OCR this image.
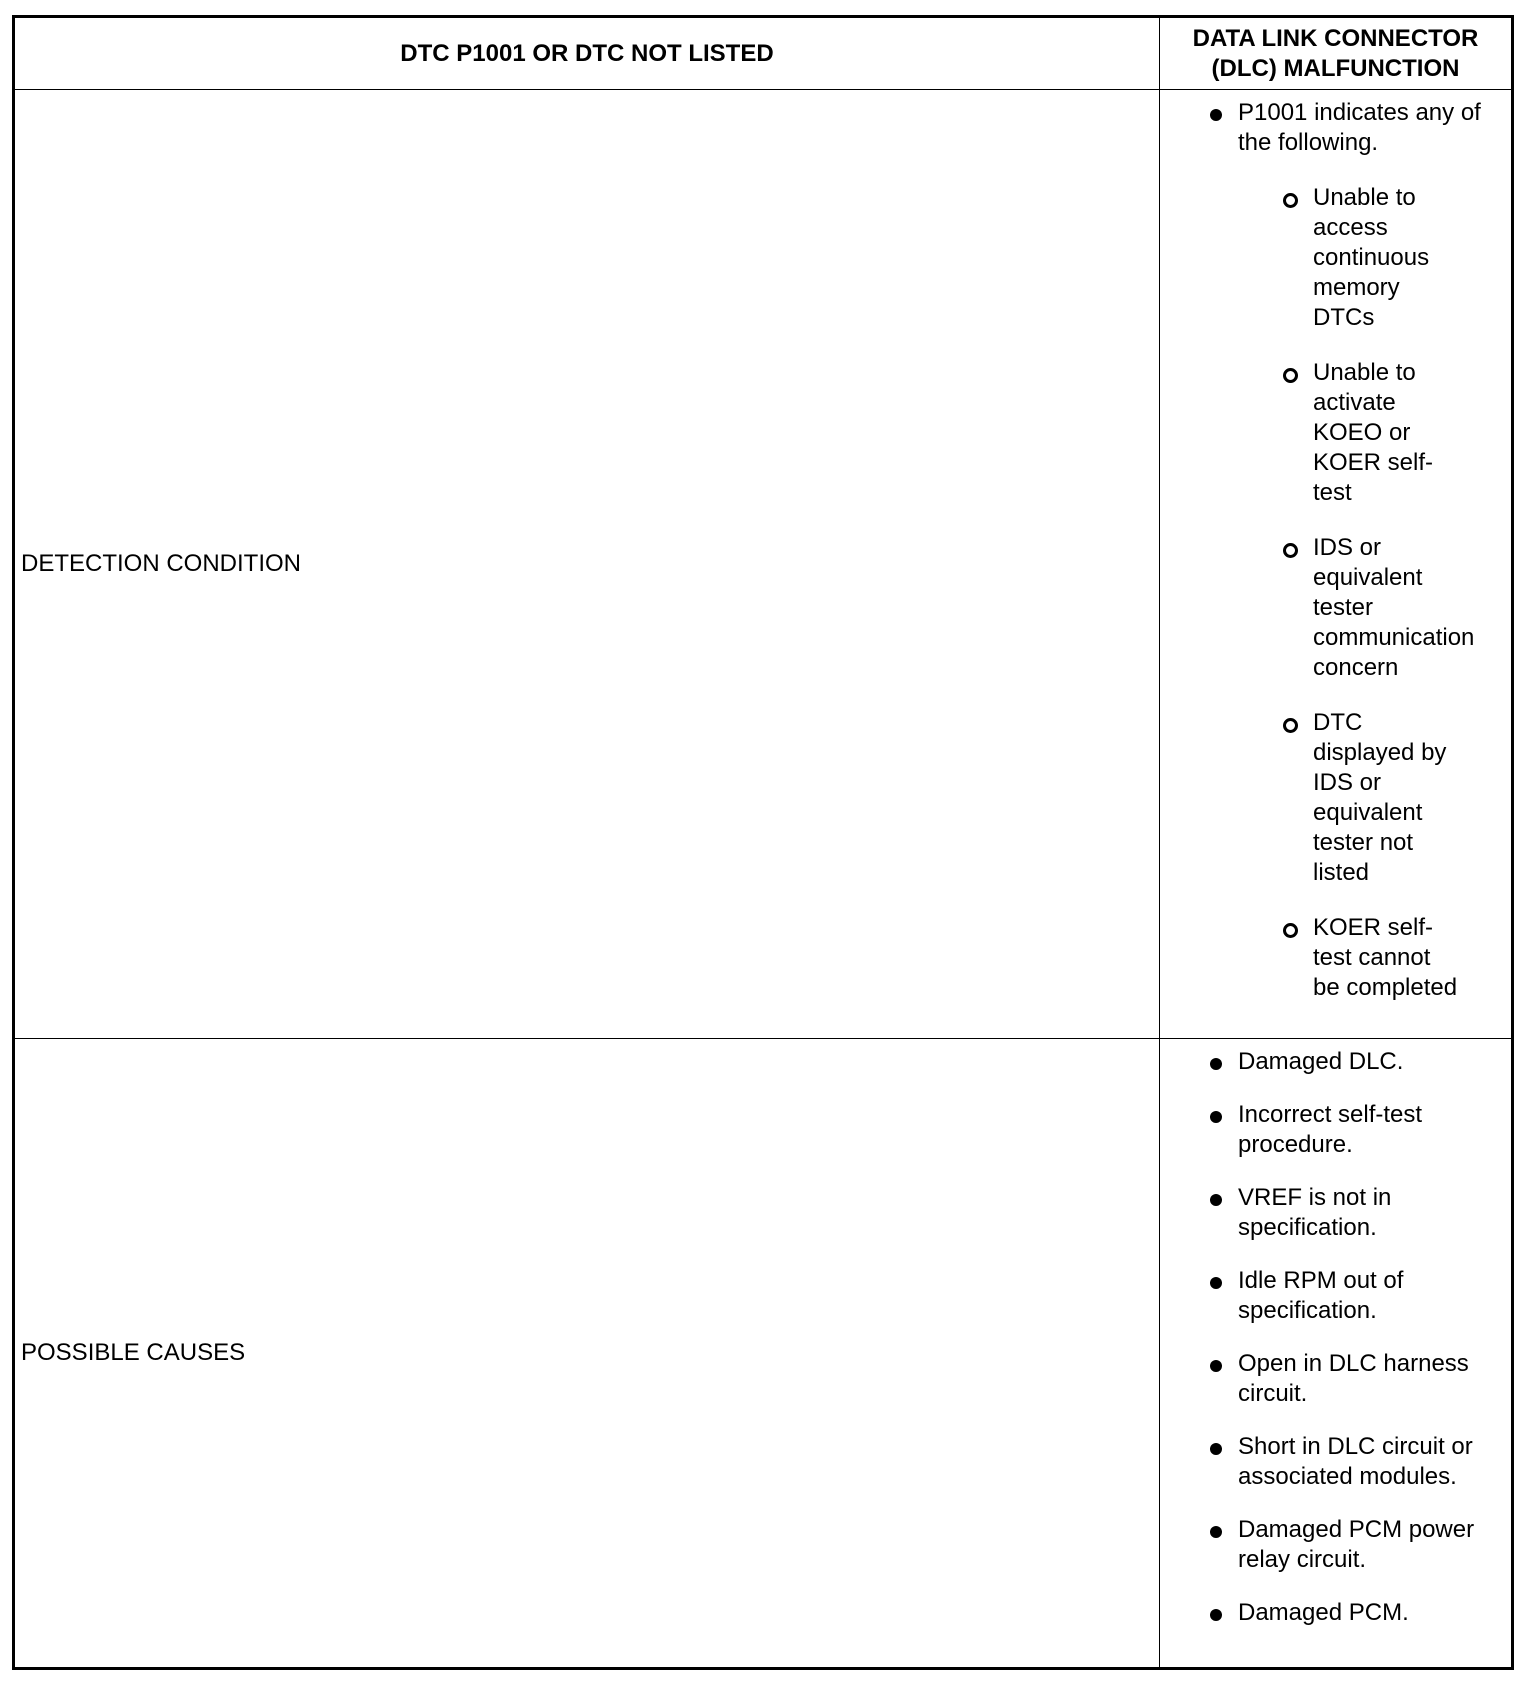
DTC P1001 OR DTC NOT LISTED
DATA LINK CONNECTOR
(DLC) MALFUNCTION
DETECTION CONDITION
P1001 indicates any of the following.
Unable to access continuous memory DTCs
Unable to activate KOEO or KOER self-test
IDS or equivalent tester communication concern
DTC displayed by IDS or equivalent tester not listed
KOER self-test cannot be completed
POSSIBLE CAUSES
Damaged DLC.
Incorrect self-test procedure.
VREF is not in specification.
Idle RPM out of specification.
Open in DLC harness circuit.
Short in DLC circuit or associated modules.
Damaged PCM power relay circuit.
Damaged PCM.
